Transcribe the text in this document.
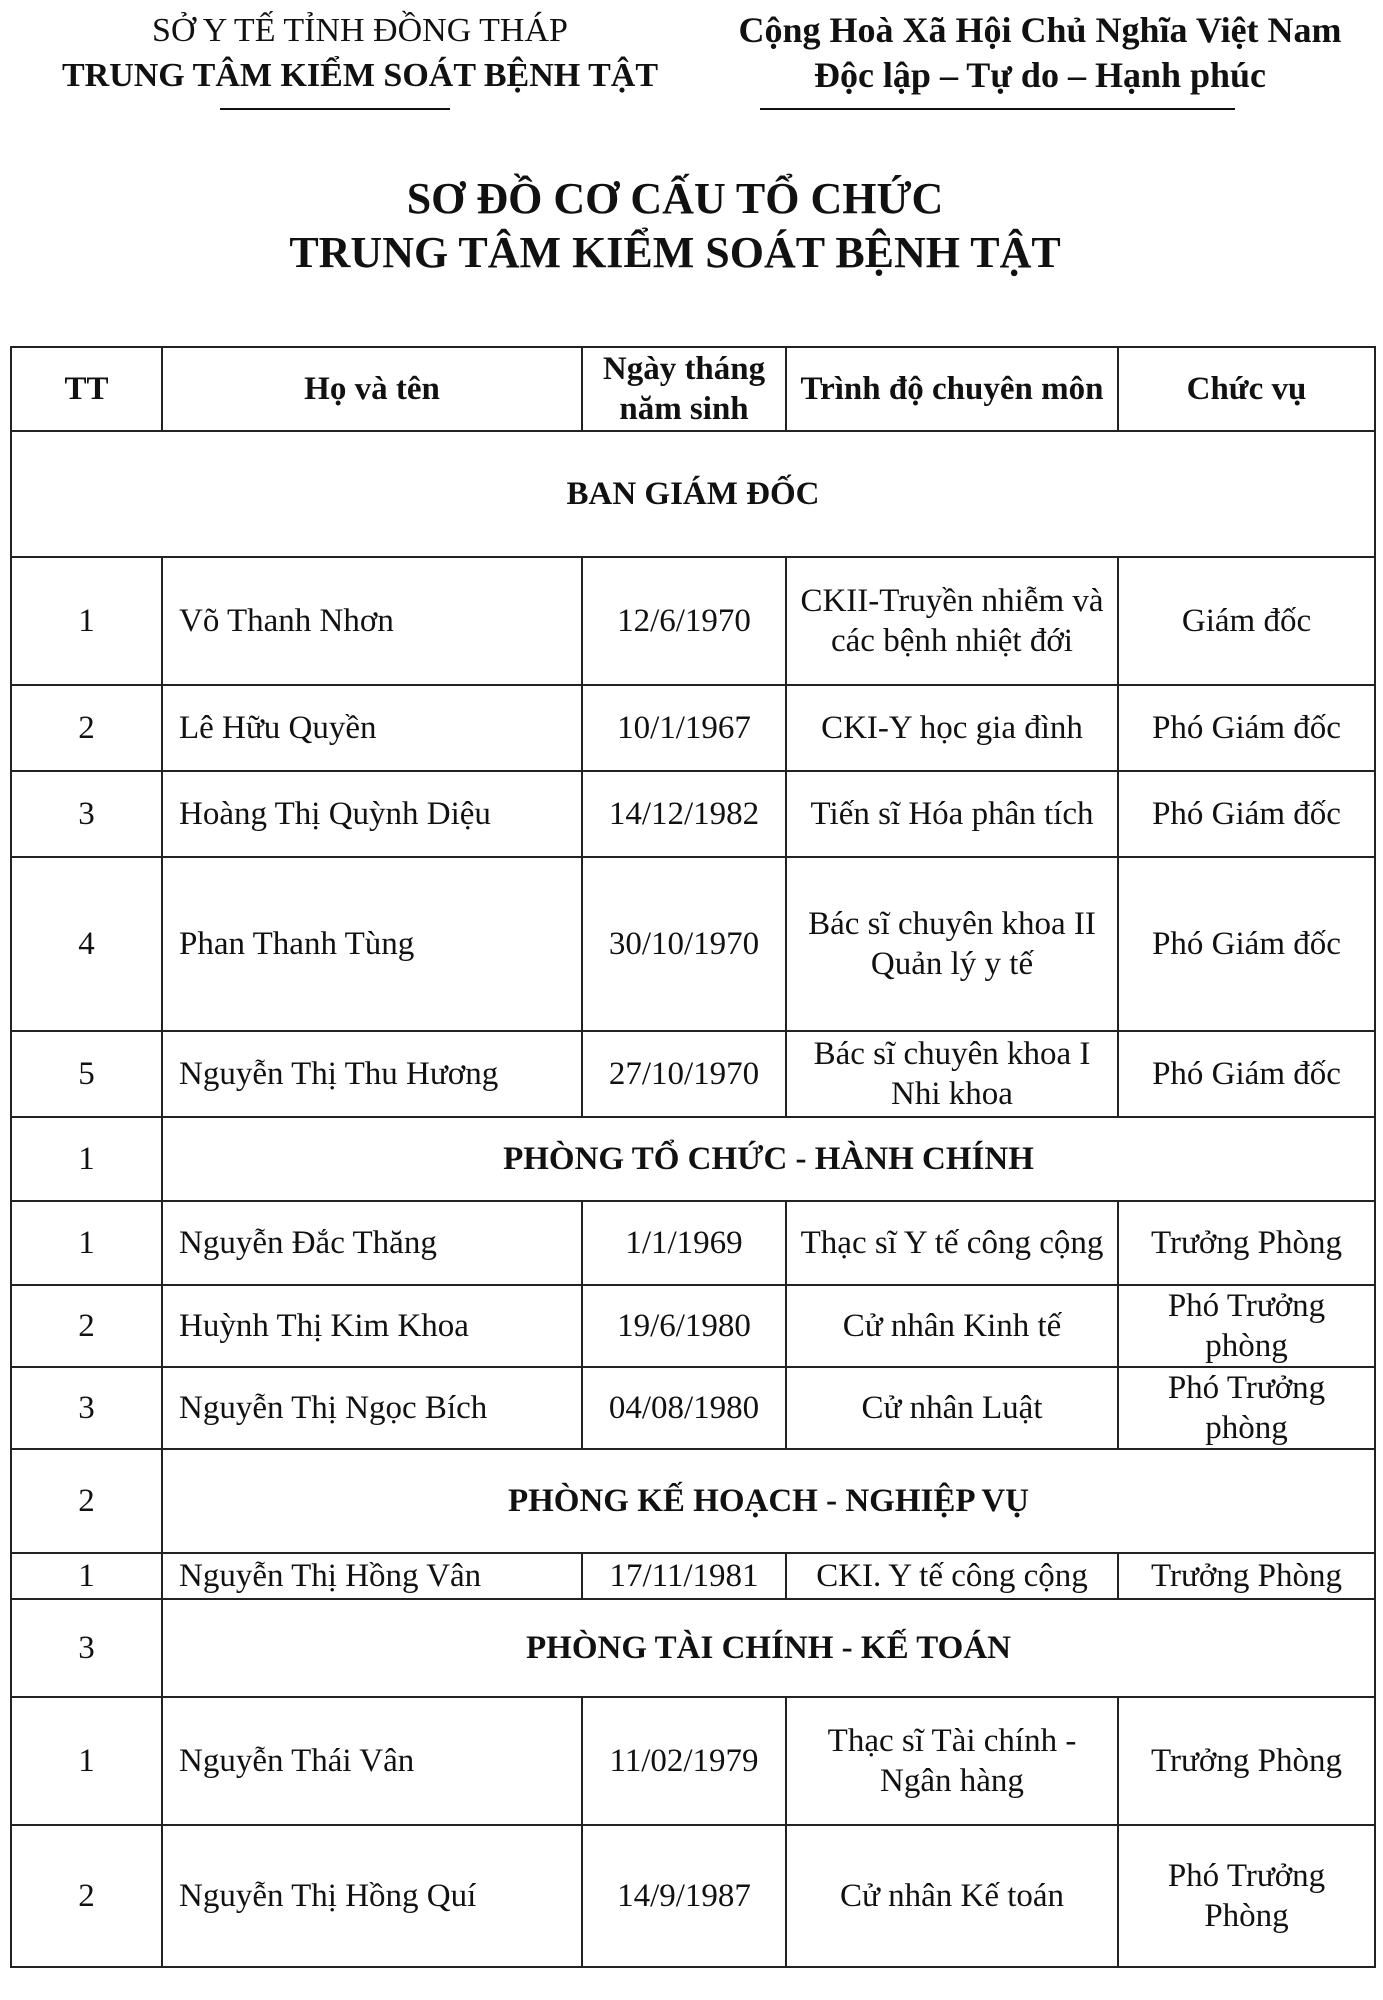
SỞ Y TẾ TỈNH ĐỒNG THÁP
TRUNG TÂM KIỂM SOÁT BỆNH TẬT
Cộng Hoà Xã Hội Chủ Nghĩa Việt Nam
Độc lập – Tự do – Hạnh phúc
SƠ ĐỒ CƠ CẤU TỔ CHỨC
TRUNG TÂM KIỂM SOÁT BỆNH TẬT
TT	Họ và tên	Ngày tháng năm sinh	Trình độ chuyên môn	Chức vụ
BAN GIÁM ĐỐC				
1	Võ Thanh Nhơn	12/6/1970	CKII-Truyền nhiễm và các bệnh nhiệt đới	Giám đốc
2	Lê Hữu Quyền	10/1/1967	CKI-Y học gia đình	Phó Giám đốc
3	Hoàng Thị Quỳnh Diệu	14/12/1982	Tiến sĩ Hóa phân tích	Phó Giám đốc
4	Phan Thanh Tùng	30/10/1970	Bác sĩ chuyên khoa II Quản lý y tế	Phó Giám đốc
5	Nguyễn Thị Thu Hương	27/10/1970	Bác sĩ chuyên khoa I Nhi khoa	Phó Giám đốc
1	PHÒNG TỔ CHỨC - HÀNH CHÍNH			
1	Nguyễn Đắc Thăng	1/1/1969	Thạc sĩ Y tế công cộng	Trưởng Phòng
2	Huỳnh Thị Kim Khoa	19/6/1980	Cử nhân Kinh tế	Phó Trưởng phòng
3	Nguyễn Thị Ngọc Bích	04/08/1980	Cử nhân Luật	Phó Trưởng phòng
2	PHÒNG KẾ HOẠCH - NGHIỆP VỤ			
1	Nguyễn Thị Hồng Vân	17/11/1981	CKI. Y tế công cộng	Trưởng Phòng
3	PHÒNG TÀI CHÍNH - KẾ TOÁN			
1	Nguyễn Thái Vân	11/02/1979	Thạc sĩ Tài chính - Ngân hàng	Trưởng Phòng
2	Nguyễn Thị Hồng Quí	14/9/1987	Cử nhân Kế toán	Phó Trưởng Phòng
